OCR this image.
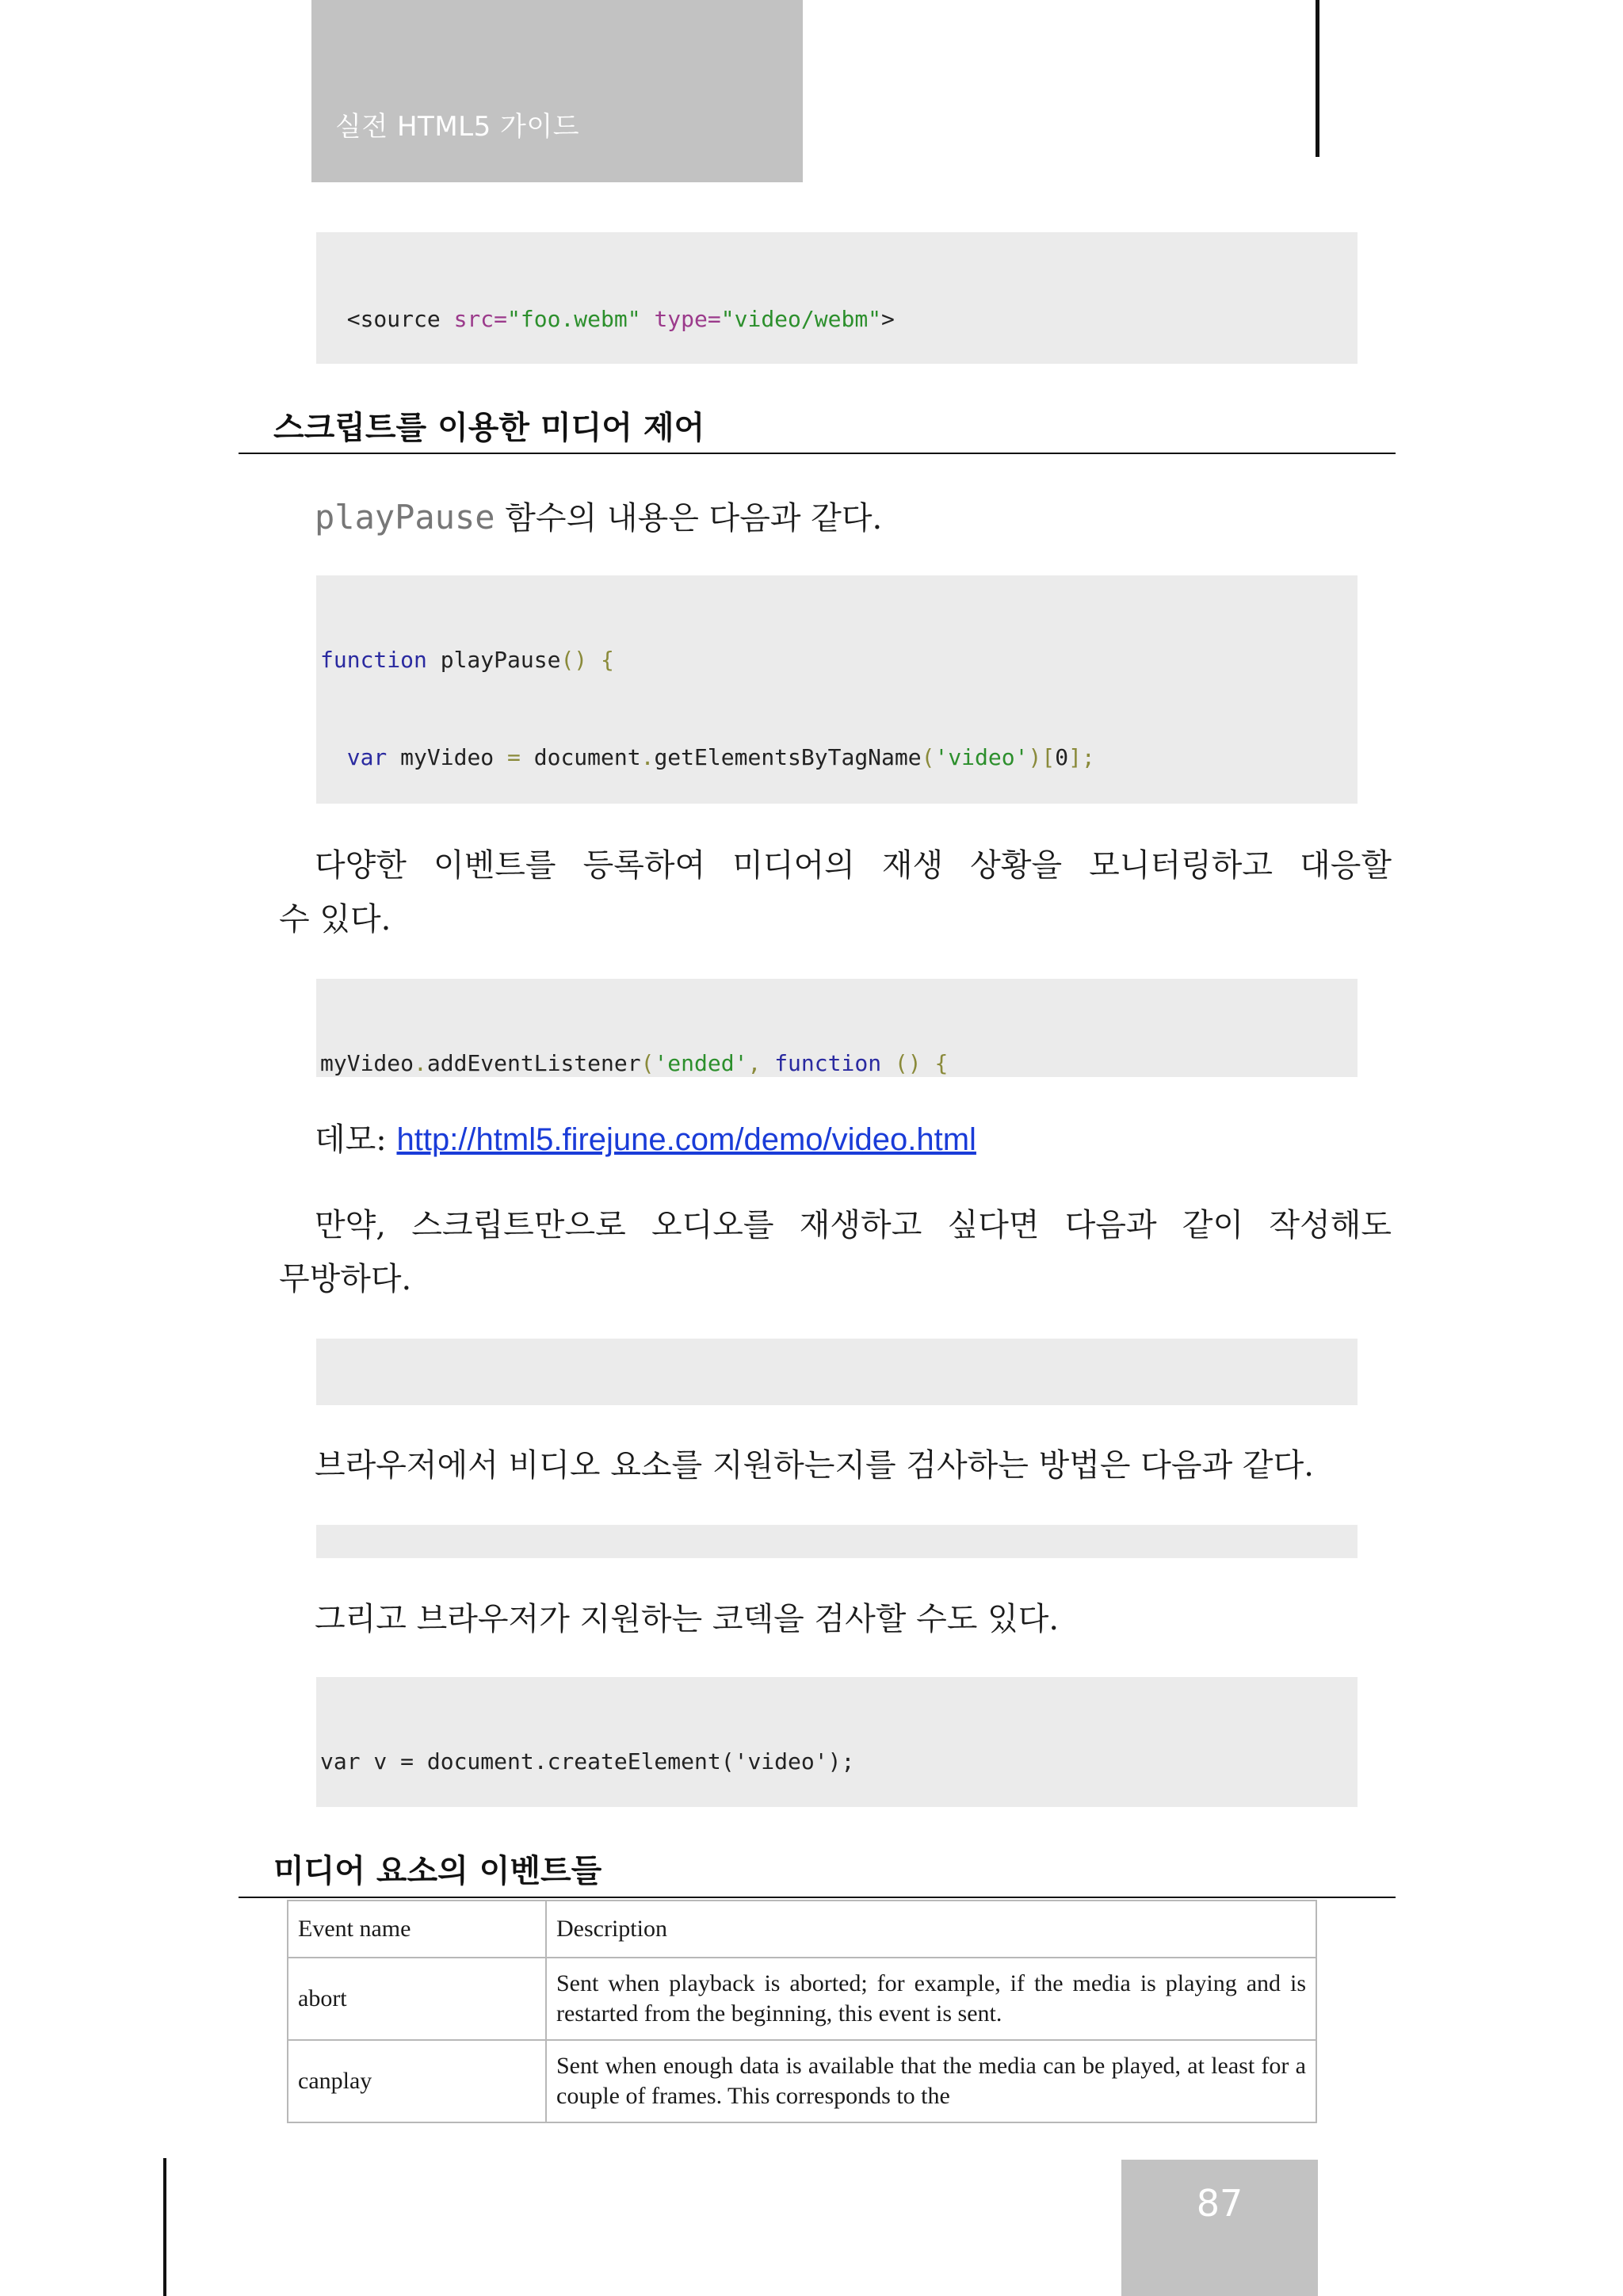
실전 HTML5 가이드

<source src="foo.webm" type="video/webm">

스크립트를 이용한 미디어 제어
playPause 함수의 내용은 다음과 같다.

function playPause() {

var myVideo = document.getElementsByTagName('video')[0];

다양한 이벤트를 등록하여 미디어의 재생 상황을 모니터링하고 대응할
수 있다.

myVideo.addEventListener('ended', function () {

데모: http://html5.firejune.com/demo/video.html
만약, 스크립트만으로 오디오를 재생하고 싶다면 다음과 같이 작성해도
무방하다.

브라우저에서 비디오 요소를 지원하는지를 검사하는 방법은 다음과 같다.

그리고 브라우저가 지원하는 코덱을 검사할 수도 있다.

var v = document.createElement('video');

미디어 요소의 이벤트들
Event name	Description
abort	Sent when playback is aborted; for example, if the media is playing and is restarted from the beginning, this event is sent.
canplay	Sent when enough data is available that the media can be played, at least for a couple of frames. This corresponds to the
87
